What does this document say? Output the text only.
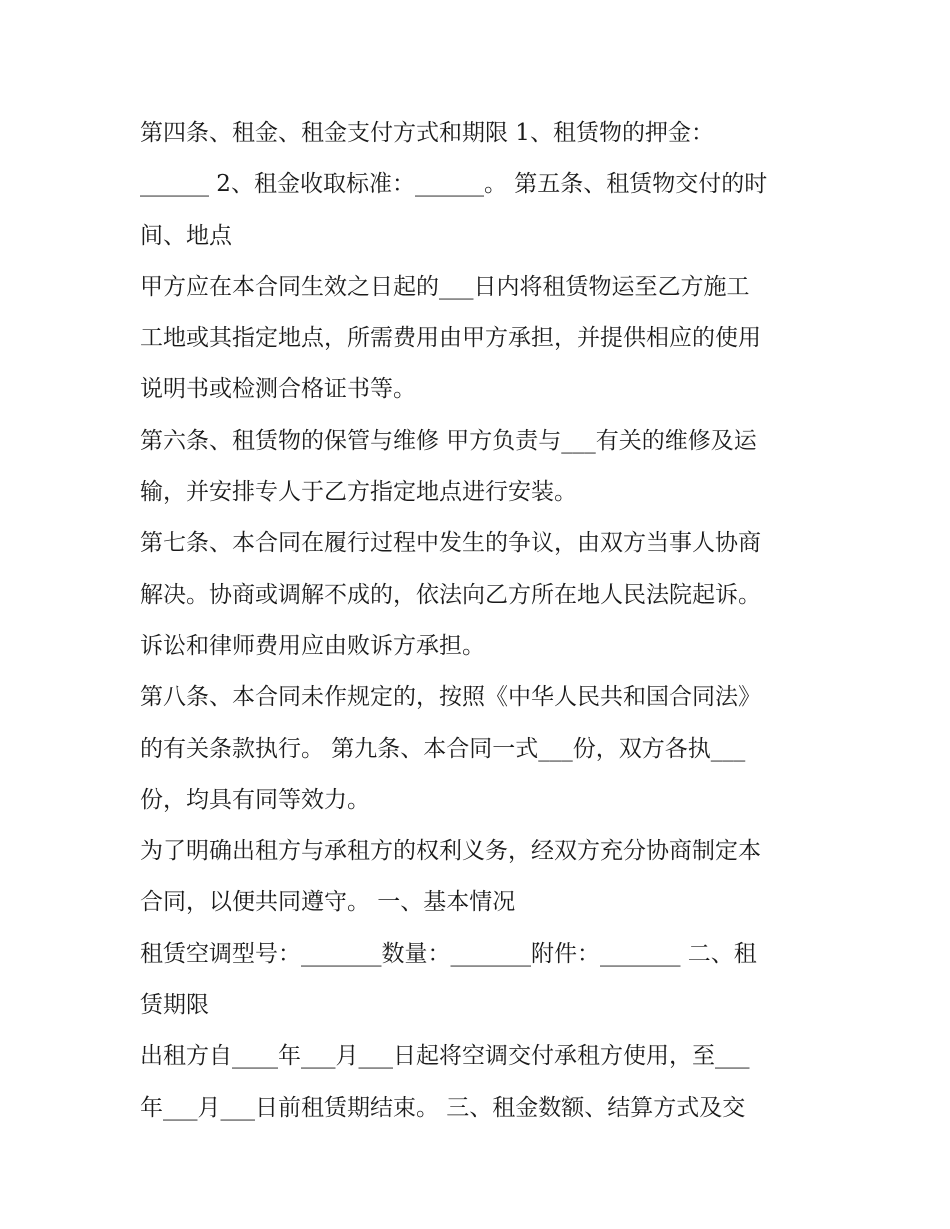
第四条、租金、租金支付方式和期限 1、租赁物的押金：
______ 2、租金收取标准：______。 第五条、租赁物交付的时
间、地点
甲方应在本合同生效之日起的___日内将租赁物运至乙方施工
工地或其指定地点，所需费用由甲方承担，并提供相应的使用
说明书或检测合格证书等。
第六条、租赁物的保管与维修 甲方负责与___有关的维修及运
输，并安排专人于乙方指定地点进行安装。
第七条、本合同在履行过程中发生的争议，由双方当事人协商
解决。协商或调解不成的，依法向乙方所在地人民法院起诉。
诉讼和律师费用应由败诉方承担。
第八条、本合同未作规定的，按照《中华人民共和国合同法》
的有关条款执行。 第九条、本合同一式___份，双方各执___
份，均具有同等效力。
为了明确出租方与承租方的权利义务，经双方充分协商制定本
合同，以便共同遵守。 一、基本情况
租赁空调型号：_______数量：_______附件：_______ 二、租
赁期限
出租方自____年___月___日起将空调交付承租方使用，至___
年___月___日前租赁期结束。 三、租金数额、结算方式及交
